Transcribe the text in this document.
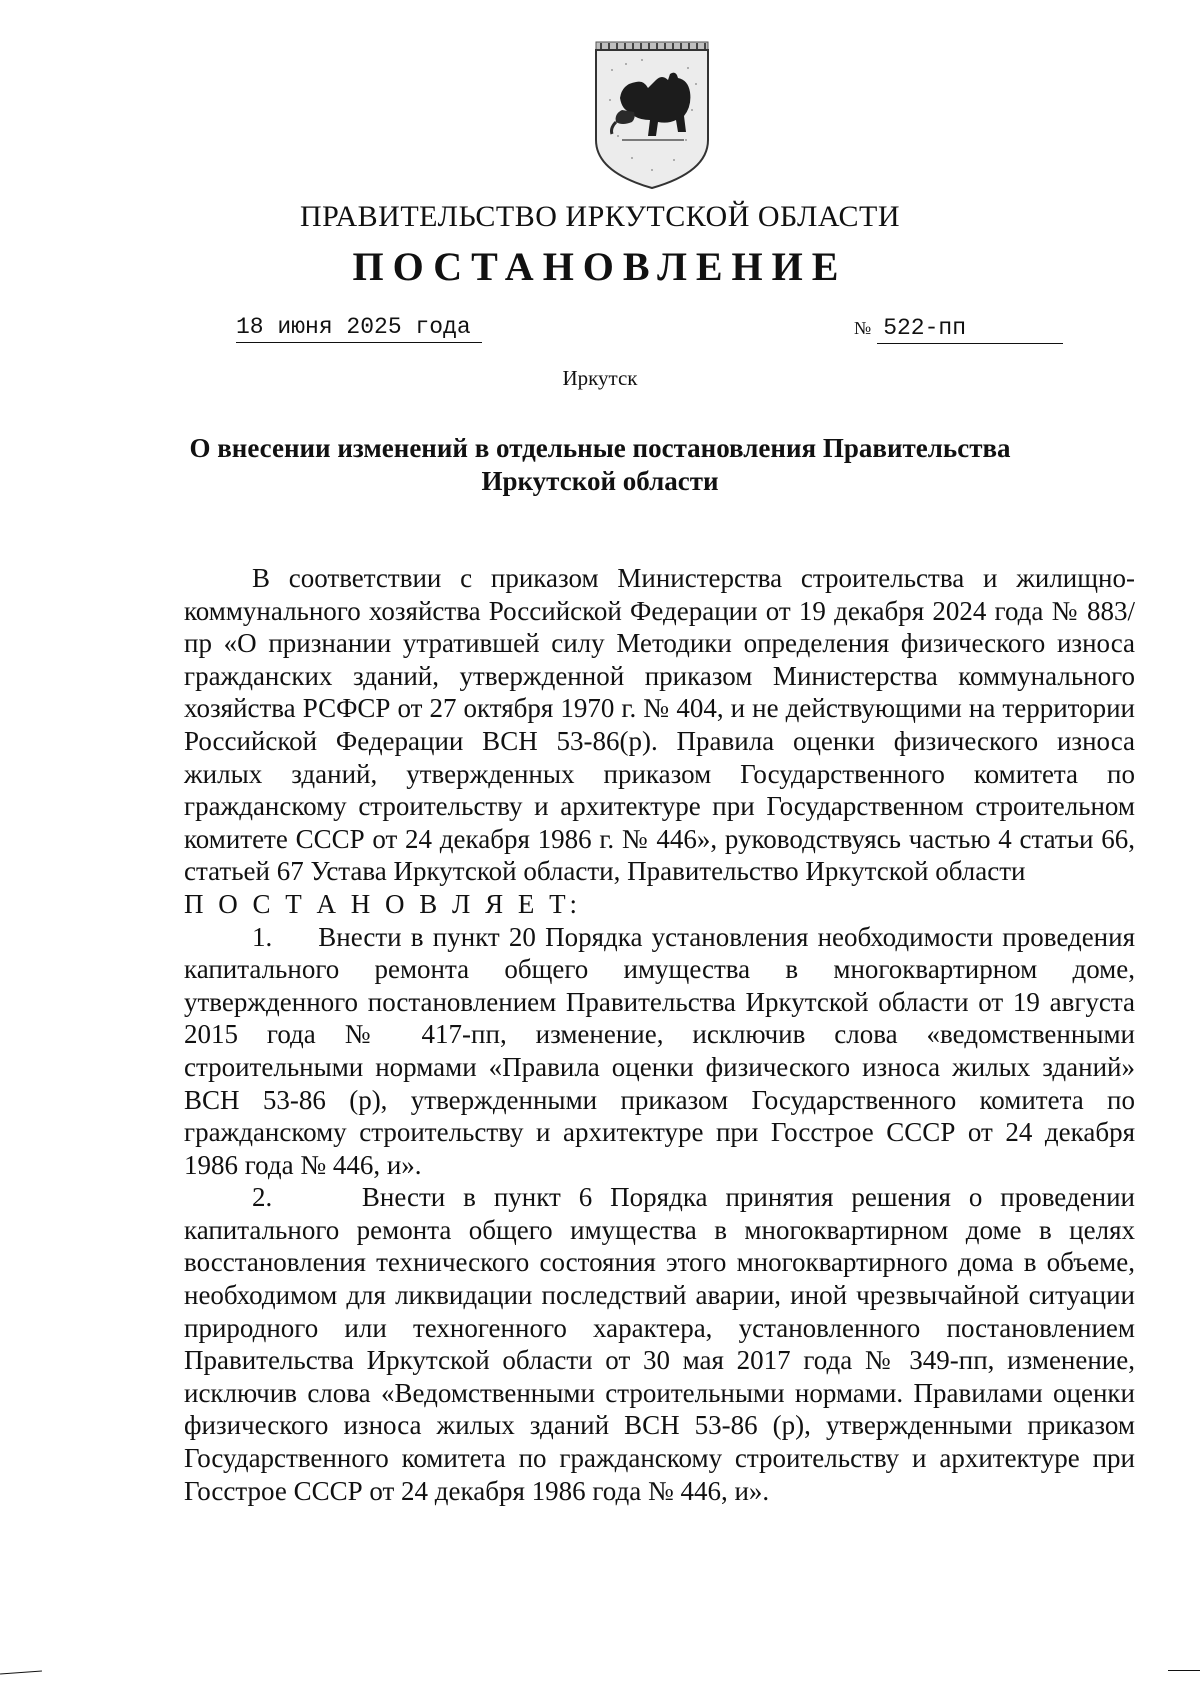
ПРАВИТЕЛЬСТВО ИРКУТСКОЙ ОБЛАСТИ
ПОСТАНОВЛЕНИЕ
18 июня 2025 года	№ 522-пп
Иркутск
О внесении изменений в отдельные постановления Правительства Иркутской области

В соответствии с приказом Министерства строительства и жилищно-коммунального хозяйства Российской Федерации от 19 декабря 2024 года № 883/пр «О признании утратившей силу Методики определения физического износа гражданских зданий, утвержденной приказом Министерства коммунального хозяйства РСФСР от 27 октября 1970 г. № 404, и не действующими на территории Российской Федерации ВСН 53-86(р). Правила оценки физического износа жилых зданий, утвержденных приказом Государственного комитета по гражданскому строительству и архитектуре при Государственном строительном комитете СССР от 24 декабря 1986 г. № 446», руководствуясь частью 4 статьи 66, статьей 67 Устава Иркутской области, Правительство Иркутской области

П О С Т А Н О В Л Я Е Т:

1.     Внести в пункт 20 Порядка установления необходимости проведения капитального ремонта общего имущества в многоквартирном доме, утвержденного постановлением Правительства Иркутской области от 19 августа 2015 года № 417-пп, изменение, исключив слова «ведомственными строительными нормами «Правила оценки физического износа жилых зданий» ВСН 53-86 (р), утвержденными приказом Государственного комитета по гражданскому строительству и архитектуре при Госстрое СССР от 24 декабря 1986 года № 446, и».

2.     Внести в пункт 6 Порядка принятия решения о проведении капитального ремонта общего имущества в многоквартирном доме в целях восстановления технического состояния этого многоквартирного дома в объеме, необходимом для ликвидации последствий аварии, иной чрезвычайной ситуации природного или техногенного характера, установленного постановлением Правительства Иркутской области от 30 мая 2017 года № 349-пп, изменение, исключив слова «Ведомственными строительными нормами. Правилами оценки физического износа жилых зданий ВСН 53-86 (р), утвержденными приказом Государственного комитета по гражданскому строительству и архитектуре при Госстрое СССР от 24 декабря 1986 года № 446, и».
